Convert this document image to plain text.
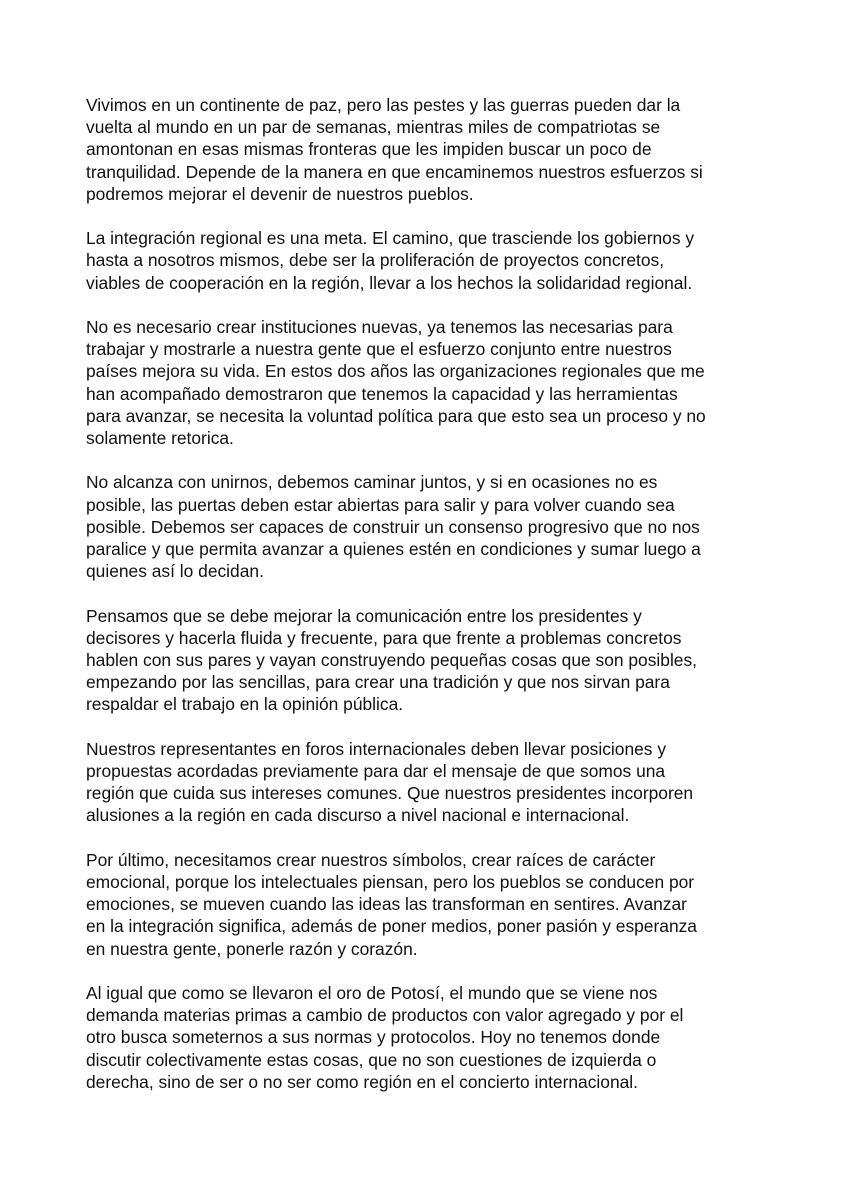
Vivimos en un continente de paz, pero las pestes y las guerras pueden dar la
vuelta al mundo en un par de semanas, mientras miles de compatriotas se
amontonan en esas mismas fronteras que les impiden buscar un poco de
tranquilidad. Depende de la manera en que encaminemos nuestros esfuerzos si
podremos mejorar el devenir de nuestros pueblos.

La integración regional es una meta. El camino, que trasciende los gobiernos y
hasta a nosotros mismos, debe ser la proliferación de proyectos concretos,
viables de cooperación en la región, llevar a los hechos la solidaridad regional.

No es necesario crear instituciones nuevas, ya tenemos las necesarias para
trabajar y mostrarle a nuestra gente que el esfuerzo conjunto entre nuestros
países mejora su vida. En estos dos años las organizaciones regionales que me
han acompañado demostraron que tenemos la capacidad y las herramientas
para avanzar, se necesita la voluntad política para que esto sea un proceso y no
solamente retorica.

No alcanza con unirnos, debemos caminar juntos, y si en ocasiones no es
posible, las puertas deben estar abiertas para salir y para volver cuando sea
posible. Debemos ser capaces de construir un consenso progresivo que no nos
paralice y que permita avanzar a quienes estén en condiciones y sumar luego a
quienes así lo decidan.

Pensamos que se debe mejorar la comunicación entre los presidentes y
decisores y hacerla fluida y frecuente, para que frente a problemas concretos
hablen con sus pares y vayan construyendo pequeñas cosas que son posibles,
empezando por las sencillas, para crear una tradición y que nos sirvan para
respaldar el trabajo en la opinión pública.

Nuestros representantes en foros internacionales deben llevar posiciones y
propuestas acordadas previamente para dar el mensaje de que somos una
región que cuida sus intereses comunes. Que nuestros presidentes incorporen
alusiones a la región en cada discurso a nivel nacional e internacional.

Por último, necesitamos crear nuestros símbolos, crear raíces de carácter
emocional, porque los intelectuales piensan, pero los pueblos se conducen por
emociones, se mueven cuando las ideas las transforman en sentires. Avanzar
en la integración significa, además de poner medios, poner pasión y esperanza
en nuestra gente, ponerle razón y corazón.

Al igual que como se llevaron el oro de Potosí, el mundo que se viene nos
demanda materias primas a cambio de productos con valor agregado y por el
otro busca someternos a sus normas y protocolos. Hoy no tenemos donde
discutir colectivamente estas cosas, que no son cuestiones de izquierda o
derecha, sino de ser o no ser como región en el concierto internacional.
